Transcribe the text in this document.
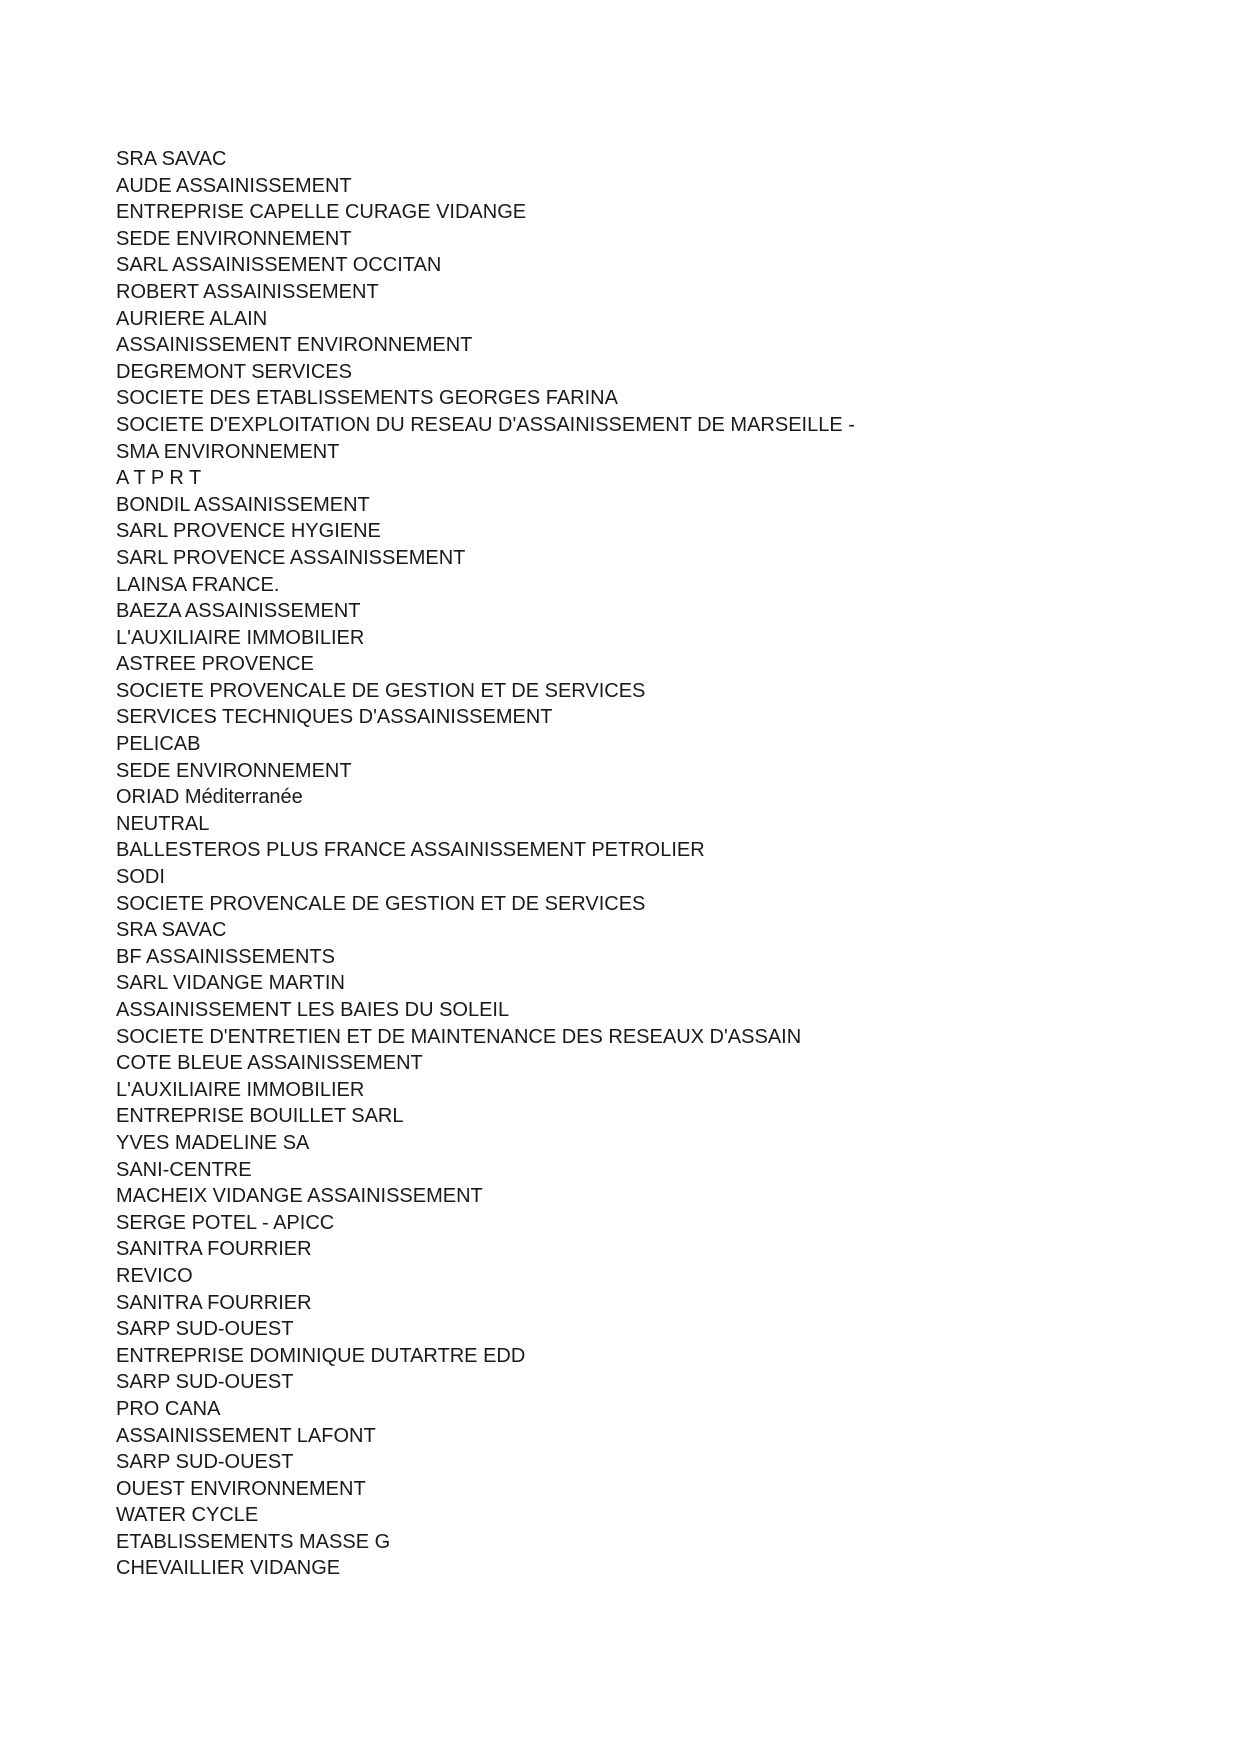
SRA SAVAC
AUDE ASSAINISSEMENT
ENTREPRISE CAPELLE CURAGE VIDANGE
SEDE ENVIRONNEMENT
SARL ASSAINISSEMENT OCCITAN
ROBERT ASSAINISSEMENT
AURIERE ALAIN
ASSAINISSEMENT ENVIRONNEMENT
DEGREMONT SERVICES
SOCIETE DES ETABLISSEMENTS GEORGES FARINA
SOCIETE D'EXPLOITATION DU RESEAU D'ASSAINISSEMENT DE MARSEILLE -
SMA ENVIRONNEMENT
A T P R T
BONDIL ASSAINISSEMENT
SARL PROVENCE HYGIENE
SARL PROVENCE ASSAINISSEMENT
LAINSA FRANCE.
BAEZA ASSAINISSEMENT
L'AUXILIAIRE IMMOBILIER
ASTREE PROVENCE
SOCIETE PROVENCALE DE GESTION ET DE SERVICES
SERVICES TECHNIQUES D'ASSAINISSEMENT
PELICAB
SEDE ENVIRONNEMENT
ORIAD Méditerranée
NEUTRAL
BALLESTEROS PLUS FRANCE ASSAINISSEMENT PETROLIER
SODI
SOCIETE PROVENCALE DE GESTION ET DE SERVICES
SRA SAVAC
BF ASSAINISSEMENTS
SARL VIDANGE MARTIN
ASSAINISSEMENT LES BAIES DU SOLEIL
SOCIETE D'ENTRETIEN ET DE MAINTENANCE DES RESEAUX D'ASSAIN
COTE BLEUE ASSAINISSEMENT
L'AUXILIAIRE IMMOBILIER
ENTREPRISE BOUILLET SARL
YVES MADELINE SA
SANI-CENTRE
MACHEIX VIDANGE ASSAINISSEMENT
SERGE POTEL - APICC
SANITRA FOURRIER
REVICO
SANITRA FOURRIER
SARP SUD-OUEST
ENTREPRISE DOMINIQUE DUTARTRE EDD
SARP SUD-OUEST
PRO CANA
ASSAINISSEMENT LAFONT
SARP SUD-OUEST
OUEST ENVIRONNEMENT
WATER CYCLE
ETABLISSEMENTS MASSE G
CHEVAILLIER VIDANGE
